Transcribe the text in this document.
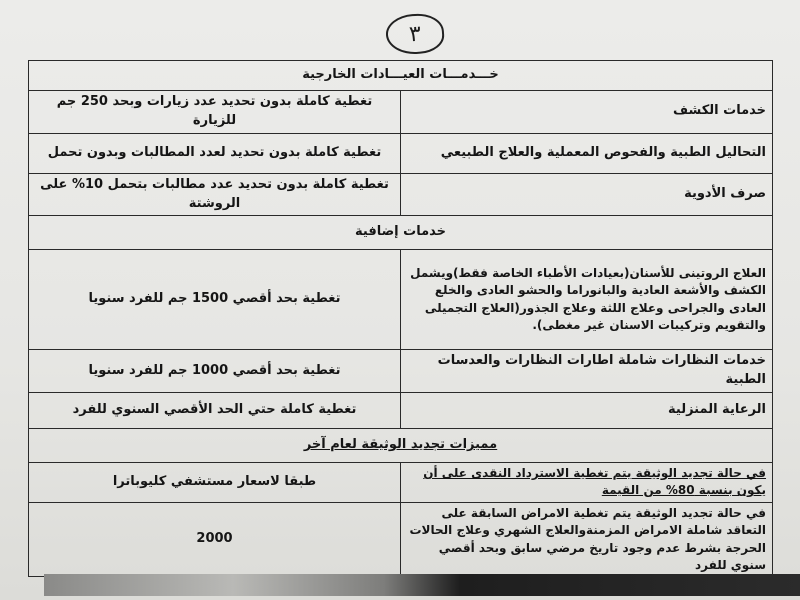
٣
خـــدمـــات العيـــادات الخارجية	
خدمات الكشف	تغطية كاملة بدون تحديد عدد زيارات وبحد 250 جم للزيارة
التحاليل الطبية والفحوص المعملية والعلاج الطبيعي	تغطية كاملة بدون تحديد لعدد المطالبات وبدون تحمل
صرف الأدوية	تغطية كاملة بدون تحديد عدد مطالبات بتحمل 10% على الروشتة
خدمات إضافية	
العلاج الروتينى للأسنان(بعيادات الأطباء الخاصة فقط)ويشمل الكشف والأشعة العادية والبانوراما والحشو العادى والخلع العادى والجراحى وعلاج اللثة وعلاج الجذور(العلاج التجميلى والتقويم وتركيبات الاسنان غير مغطى).	تغطية بحد أقصي 1500 جم للفرد سنويا
خدمات النظارات شاملة اطارات النظارات والعدسات الطبية	تغطية بحد أقصي 1000 جم للفرد سنويا
الرعاية المنزلية	تغطية كاملة حتي الحد الأقصي السنوي للفرد
مميزات تجديد الوثيقة لعام آخر	
في حالة تجديد الوثيقة يتم تغطية الاسترداد النقدى على أن يكون بنسبة 80% من القيمة	طبقا لاسعار مستشفي كليوباترا
في حالة تجديد الوثيقة يتم تغطية الامراض السابقة على التعاقد شاملة الامراض المزمنةوالعلاج الشهري وعلاج الحالات الحرجة بشرط عدم وجود تاريخ مرضي سابق وبحد أقصي سنوي للفرد	2000
